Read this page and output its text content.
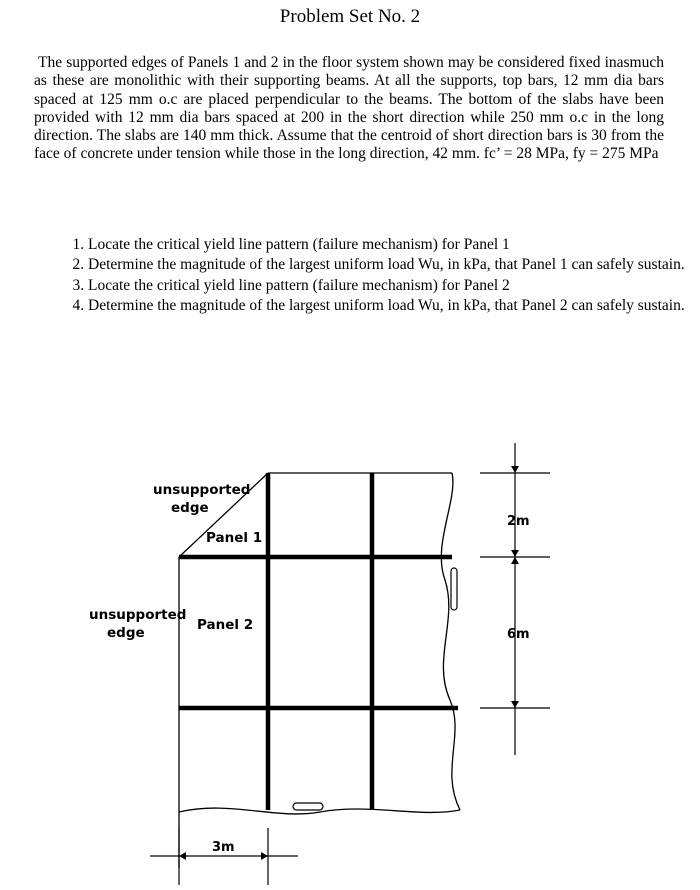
Problem Set No. 2
The supported edges of Panels 1 and 2 in the floor system shown may be considered fixed inasmuch as these are monolithic with their supporting beams. At all the supports, top bars, 12 mm dia bars spaced at 125 mm o.c are placed perpendicular to the beams. The bottom of the slabs have been provided with 12 mm dia bars spaced at 200 in the short direction while 250 mm o.c in the long direction. The slabs are 140 mm thick. Assume that the centroid of short direction bars is 30 from the face of concrete under tension while those in the long direction, 42 mm. fc’ = 28 MPa, fy = 275 MPa
1. Locate the critical yield line pattern (failure mechanism) for Panel 1
2. Determine the magnitude of the largest uniform load Wu, in kPa, that Panel 1 can safely sustain.
3. Locate the critical yield line pattern (failure mechanism) for Panel 2
4. Determine the magnitude of the largest uniform load Wu, in kPa, that Panel 2 can safely sustain.
unsupported
edge
Panel 1
unsupported
edge	Panel 2
2m
6m
3m
